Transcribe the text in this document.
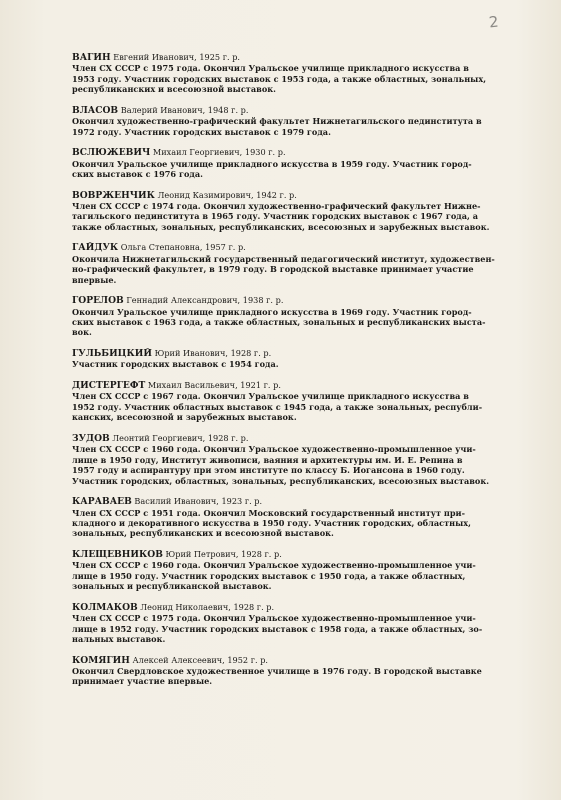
2
ВАГИН Евгений Иванович, 1925 г. р.
Член СХ СССР с 1975 года. Окончил Уральское училище прикладного искусства в
1953 году. Участник городских выставок с 1953 года, а также областных, зональных,
республиканских и всесоюзной выставок.
ВЛАСОВ Валерий Иванович, 1948 г. р.
Окончил художественно-графический факультет Нижнетагильского пединститута в
1972 году. Участник городских выставок с 1979 года.
ВСЛЮЖЕВИЧ Михаил Георгиевич, 1930 г. р.
Окончил Уральское училище прикладного искусства в 1959 году. Участник город-
ских выставок с 1976 года.
ВОВРЖЕНЧИК Леонид Казимирович, 1942 г. р.
Член СХ СССР с 1974 года. Окончил художественно-графический факультет Нижне-
тагильского пединститута в 1965 году. Участник городских выставок с 1967 года, а
также областных, зональных, республиканских, всесоюзных и зарубежных выставок.
ГАЙДУК Ольга Степановна, 1957 г. р.
Окончила Нижнетагильский государственный педагогический институт, художествен-
но-графический факультет, в 1979 году. В городской выставке принимает участие
впервые.
ГОРЕЛОВ Геннадий Александрович, 1938 г. р.
Окончил Уральское училище прикладного искусства в 1969 году. Участник город-
ских выставок с 1963 года, а также областных, зональных и республиканских выста-
вок.
ГУЛЬБИЦКИЙ Юрий Иванович, 1928 г. р.
Участник городских выставок с 1954 года.
ДИСТЕРГЕФТ Михаил Васильевич, 1921 г. р.
Член СХ СССР с 1967 года. Окончил Уральское училище прикладного искусства в
1952 году. Участник областных выставок с 1945 года, а также зональных, республи-
канских, всесоюзной и зарубежных выставок.
ЗУДОВ Леонтий Георгиевич, 1928 г. р.
Член СХ СССР с 1960 года. Окончил Уральское художественно-промышленное учи-
лище в 1950 году, Институт живописи, ваяния и архитектуры им. И. Е. Репина в
1957 году и аспирантуру при этом институте по классу Б. Иогансона в 1960 году.
Участник городских, областных, зональных, республиканских, всесоюзных выставок.
КАРАВАЕВ Василий Иванович, 1923 г. р.
Член СХ СССР с 1951 года. Окончил Московский государственный институт при-
кладного и декоративного искусства в 1950 году. Участник городских, областных,
зональных, республиканских и всесоюзной выставок.
КЛЕЩЕВНИКОВ Юрий Петрович, 1928 г. р.
Член СХ СССР с 1960 года. Окончил Уральское художественно-промышленное учи-
лище в 1950 году. Участник городских выставок с 1950 года, а также областных,
зональных и республиканской выставок.
КОЛМАКОВ Леонид Николаевич, 1928 г. р.
Член СХ СССР с 1975 года. Окончил Уральское художественно-промышленное учи-
лище в 1952 году. Участник городских выставок с 1958 года, а также областных, зо-
нальных выставок.
КОМЯГИН Алексей Алексеевич, 1952 г. р.
Окончил Свердловское художественное училище в 1976 году. В городской выставке
принимает участие впервые.
